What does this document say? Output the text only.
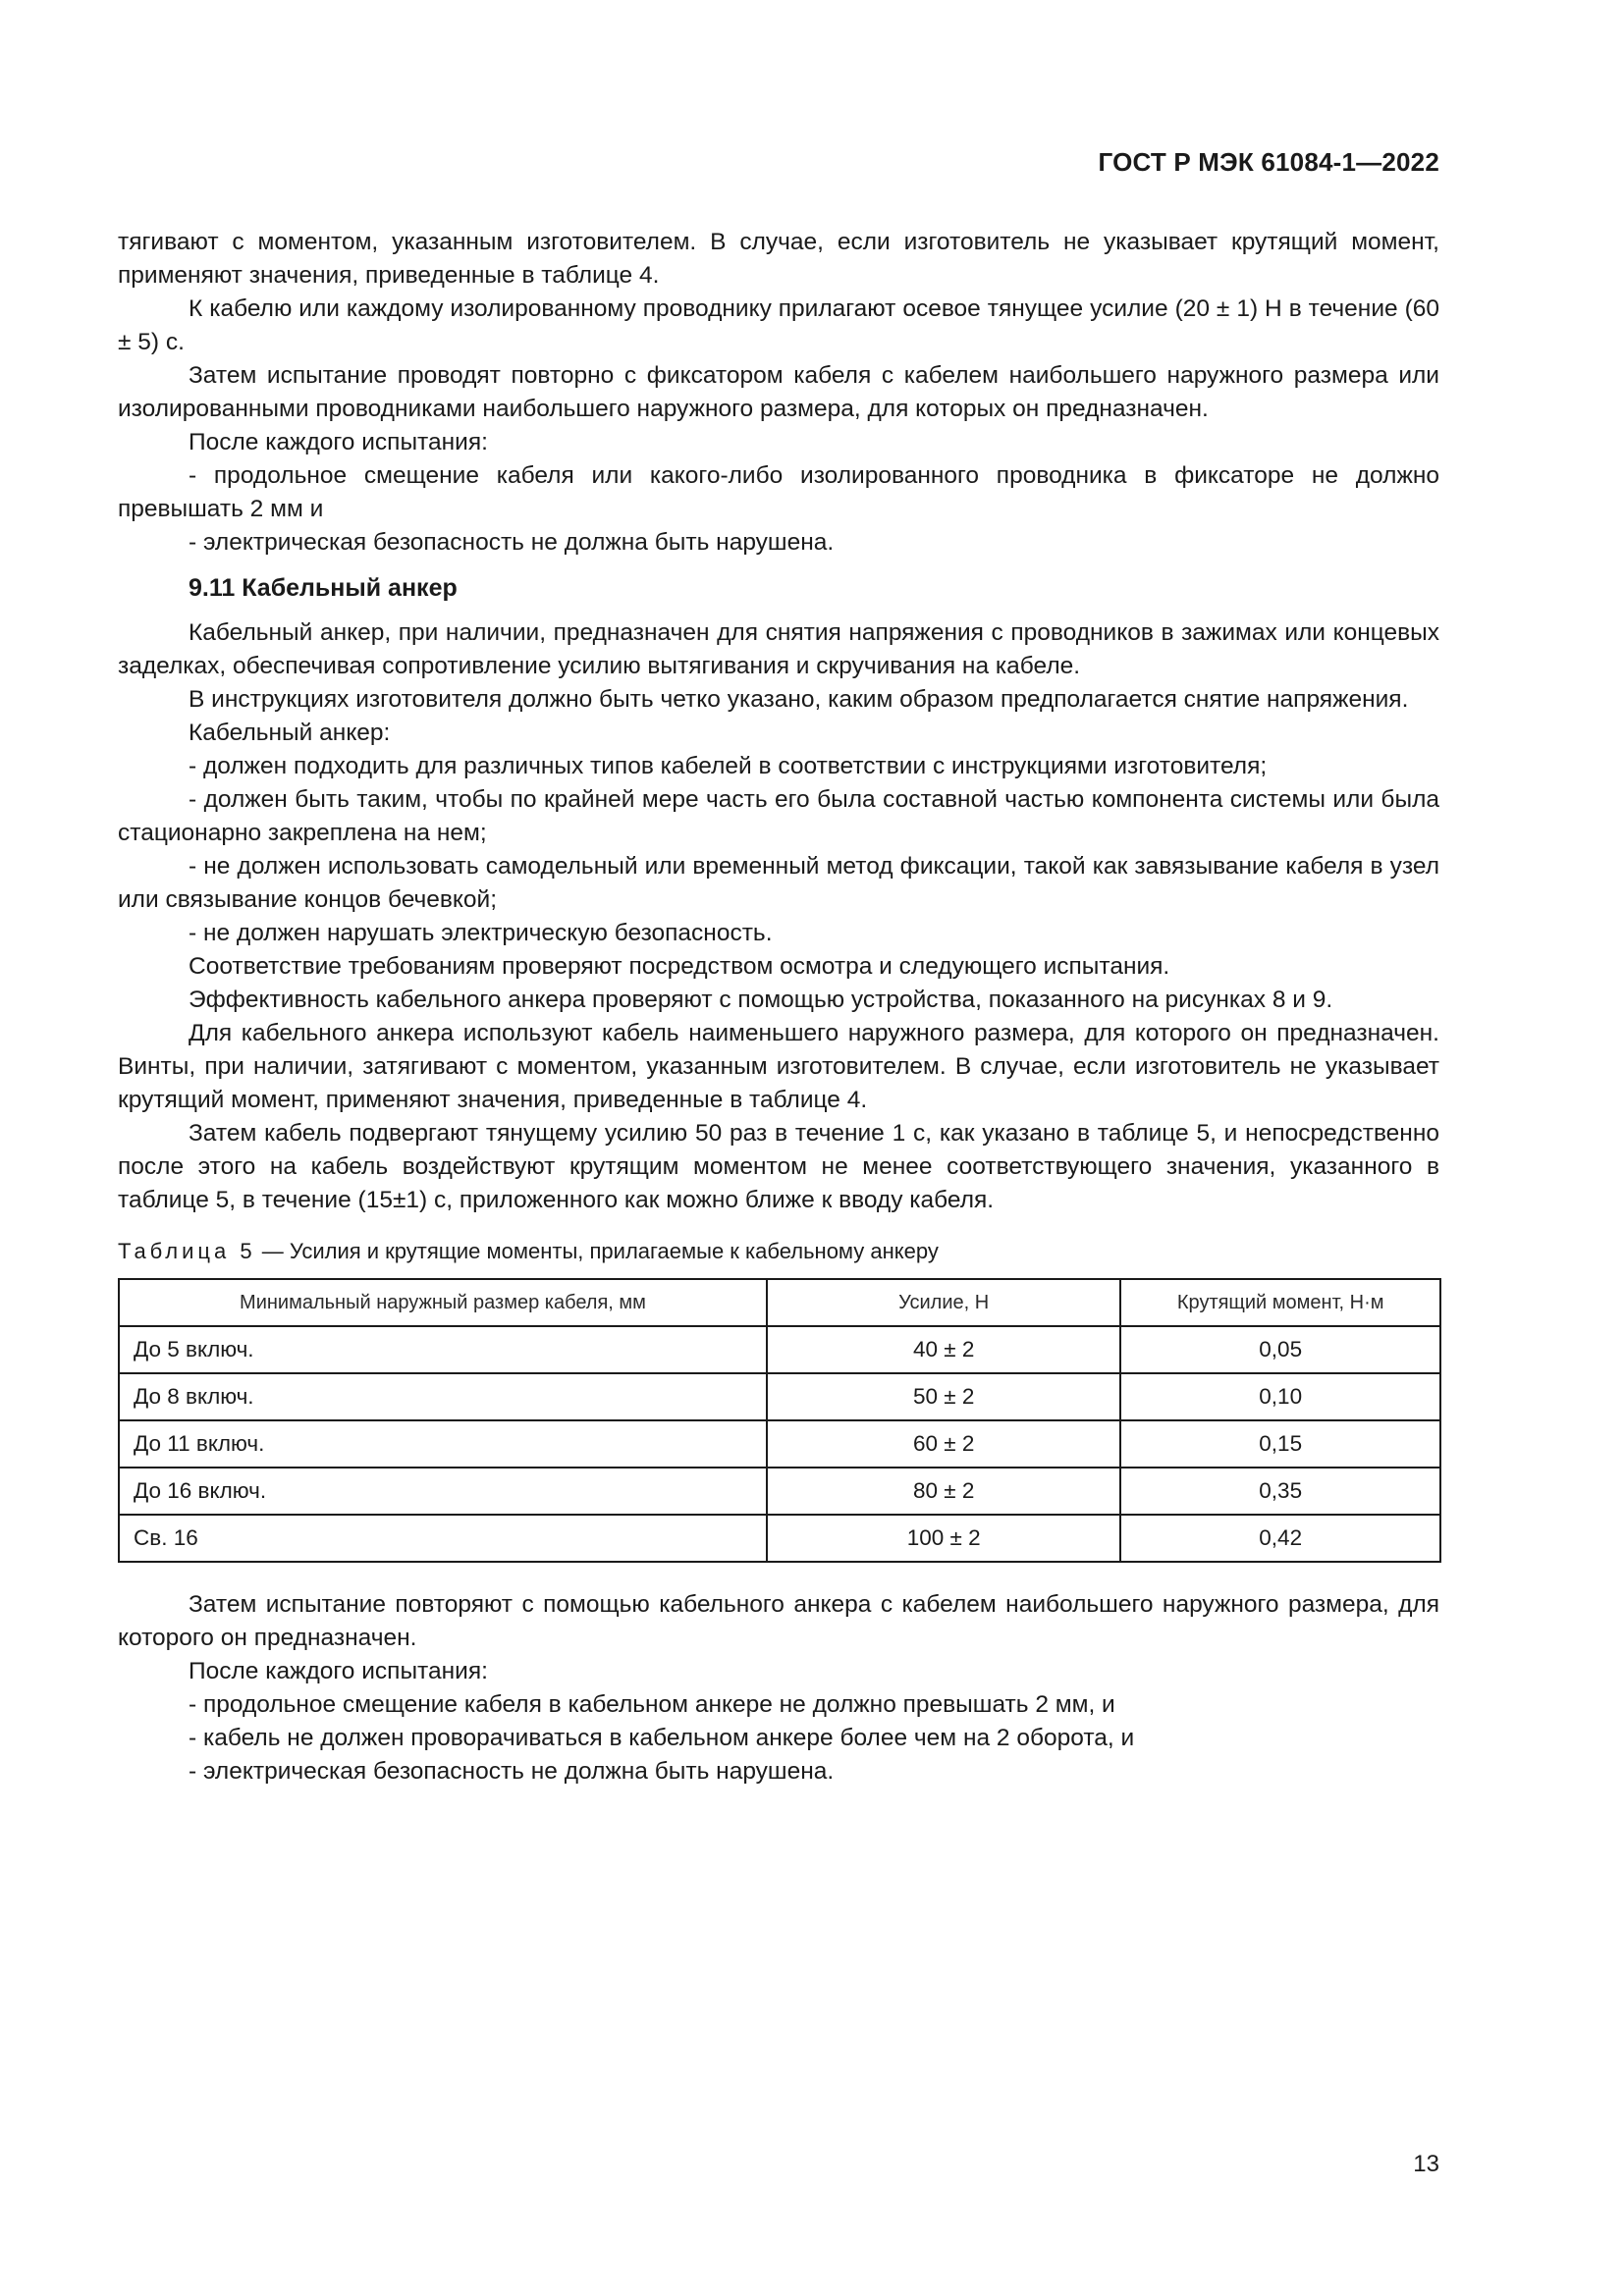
ГОСТ Р МЭК 61084-1—2022

тягивают с моментом, указанным изготовителем. В случае, если изготовитель не указывает крутящий момент, применяют значения, приведенные в таблице 4.

К кабелю или каждому изолированному проводнику прилагают осевое тянущее усилие (20 ± 1) Н в течение (60 ± 5) с.

Затем испытание проводят повторно с фиксатором кабеля с кабелем наибольшего наружного размера или изолированными проводниками наибольшего наружного размера, для которых он предназначен.

После каждого испытания:

- продольное смещение кабеля или какого-либо изолированного проводника в фиксаторе не должно превышать 2 мм и

- электрическая безопасность не должна быть нарушена.

9.11 Кабельный анкер

Кабельный анкер, при наличии, предназначен для снятия напряжения с проводников в зажимах или концевых заделках, обеспечивая сопротивление усилию вытягивания и скручивания на кабеле.

В инструкциях изготовителя должно быть четко указано, каким образом предполагается снятие напряжения.

Кабельный анкер:

- должен подходить для различных типов кабелей в соответствии с инструкциями изготовителя;

- должен быть таким, чтобы по крайней мере часть его была составной частью компонента системы или была стационарно закреплена на нем;

- не должен использовать самодельный или временный метод фиксации, такой как завязывание кабеля в узел или связывание концов бечевкой;

- не должен нарушать электрическую безопасность.

Соответствие требованиям проверяют посредством осмотра и следующего испытания.

Эффективность кабельного анкера проверяют с помощью устройства, показанного на рисунках 8 и 9.

Для кабельного анкера используют кабель наименьшего наружного размера, для которого он предназначен. Винты, при наличии, затягивают с моментом, указанным изготовителем. В случае, если изготовитель не указывает крутящий момент, применяют значения, приведенные в таблице 4.

Затем кабель подвергают тянущему усилию 50 раз в течение 1 с, как указано в таблице 5, и непосредственно после этого на кабель воздействуют крутящим моментом не менее соответствующего значения, указанного в таблице 5, в течение (15±1) с, приложенного как можно ближе к вводу кабеля.

Таблица 5 — Усилия и крутящие моменты, прилагаемые к кабельному анкеру
Минимальный наружный размер кабеля, мм	Усилие, Н	Крутящий момент, Н·м
До 5 включ.	40 ± 2	0,05
До 8 включ.	50 ± 2	0,10
До 11 включ.	60 ± 2	0,15
До 16 включ.	80 ± 2	0,35
Св. 16	100 ± 2	0,42

Затем испытание повторяют с помощью кабельного анкера с кабелем наибольшего наружного размера, для которого он предназначен.

После каждого испытания:

- продольное смещение кабеля в кабельном анкере не должно превышать 2 мм, и

- кабель не должен проворачиваться в кабельном анкере более чем на 2 оборота, и

- электрическая безопасность не должна быть нарушена.

13
